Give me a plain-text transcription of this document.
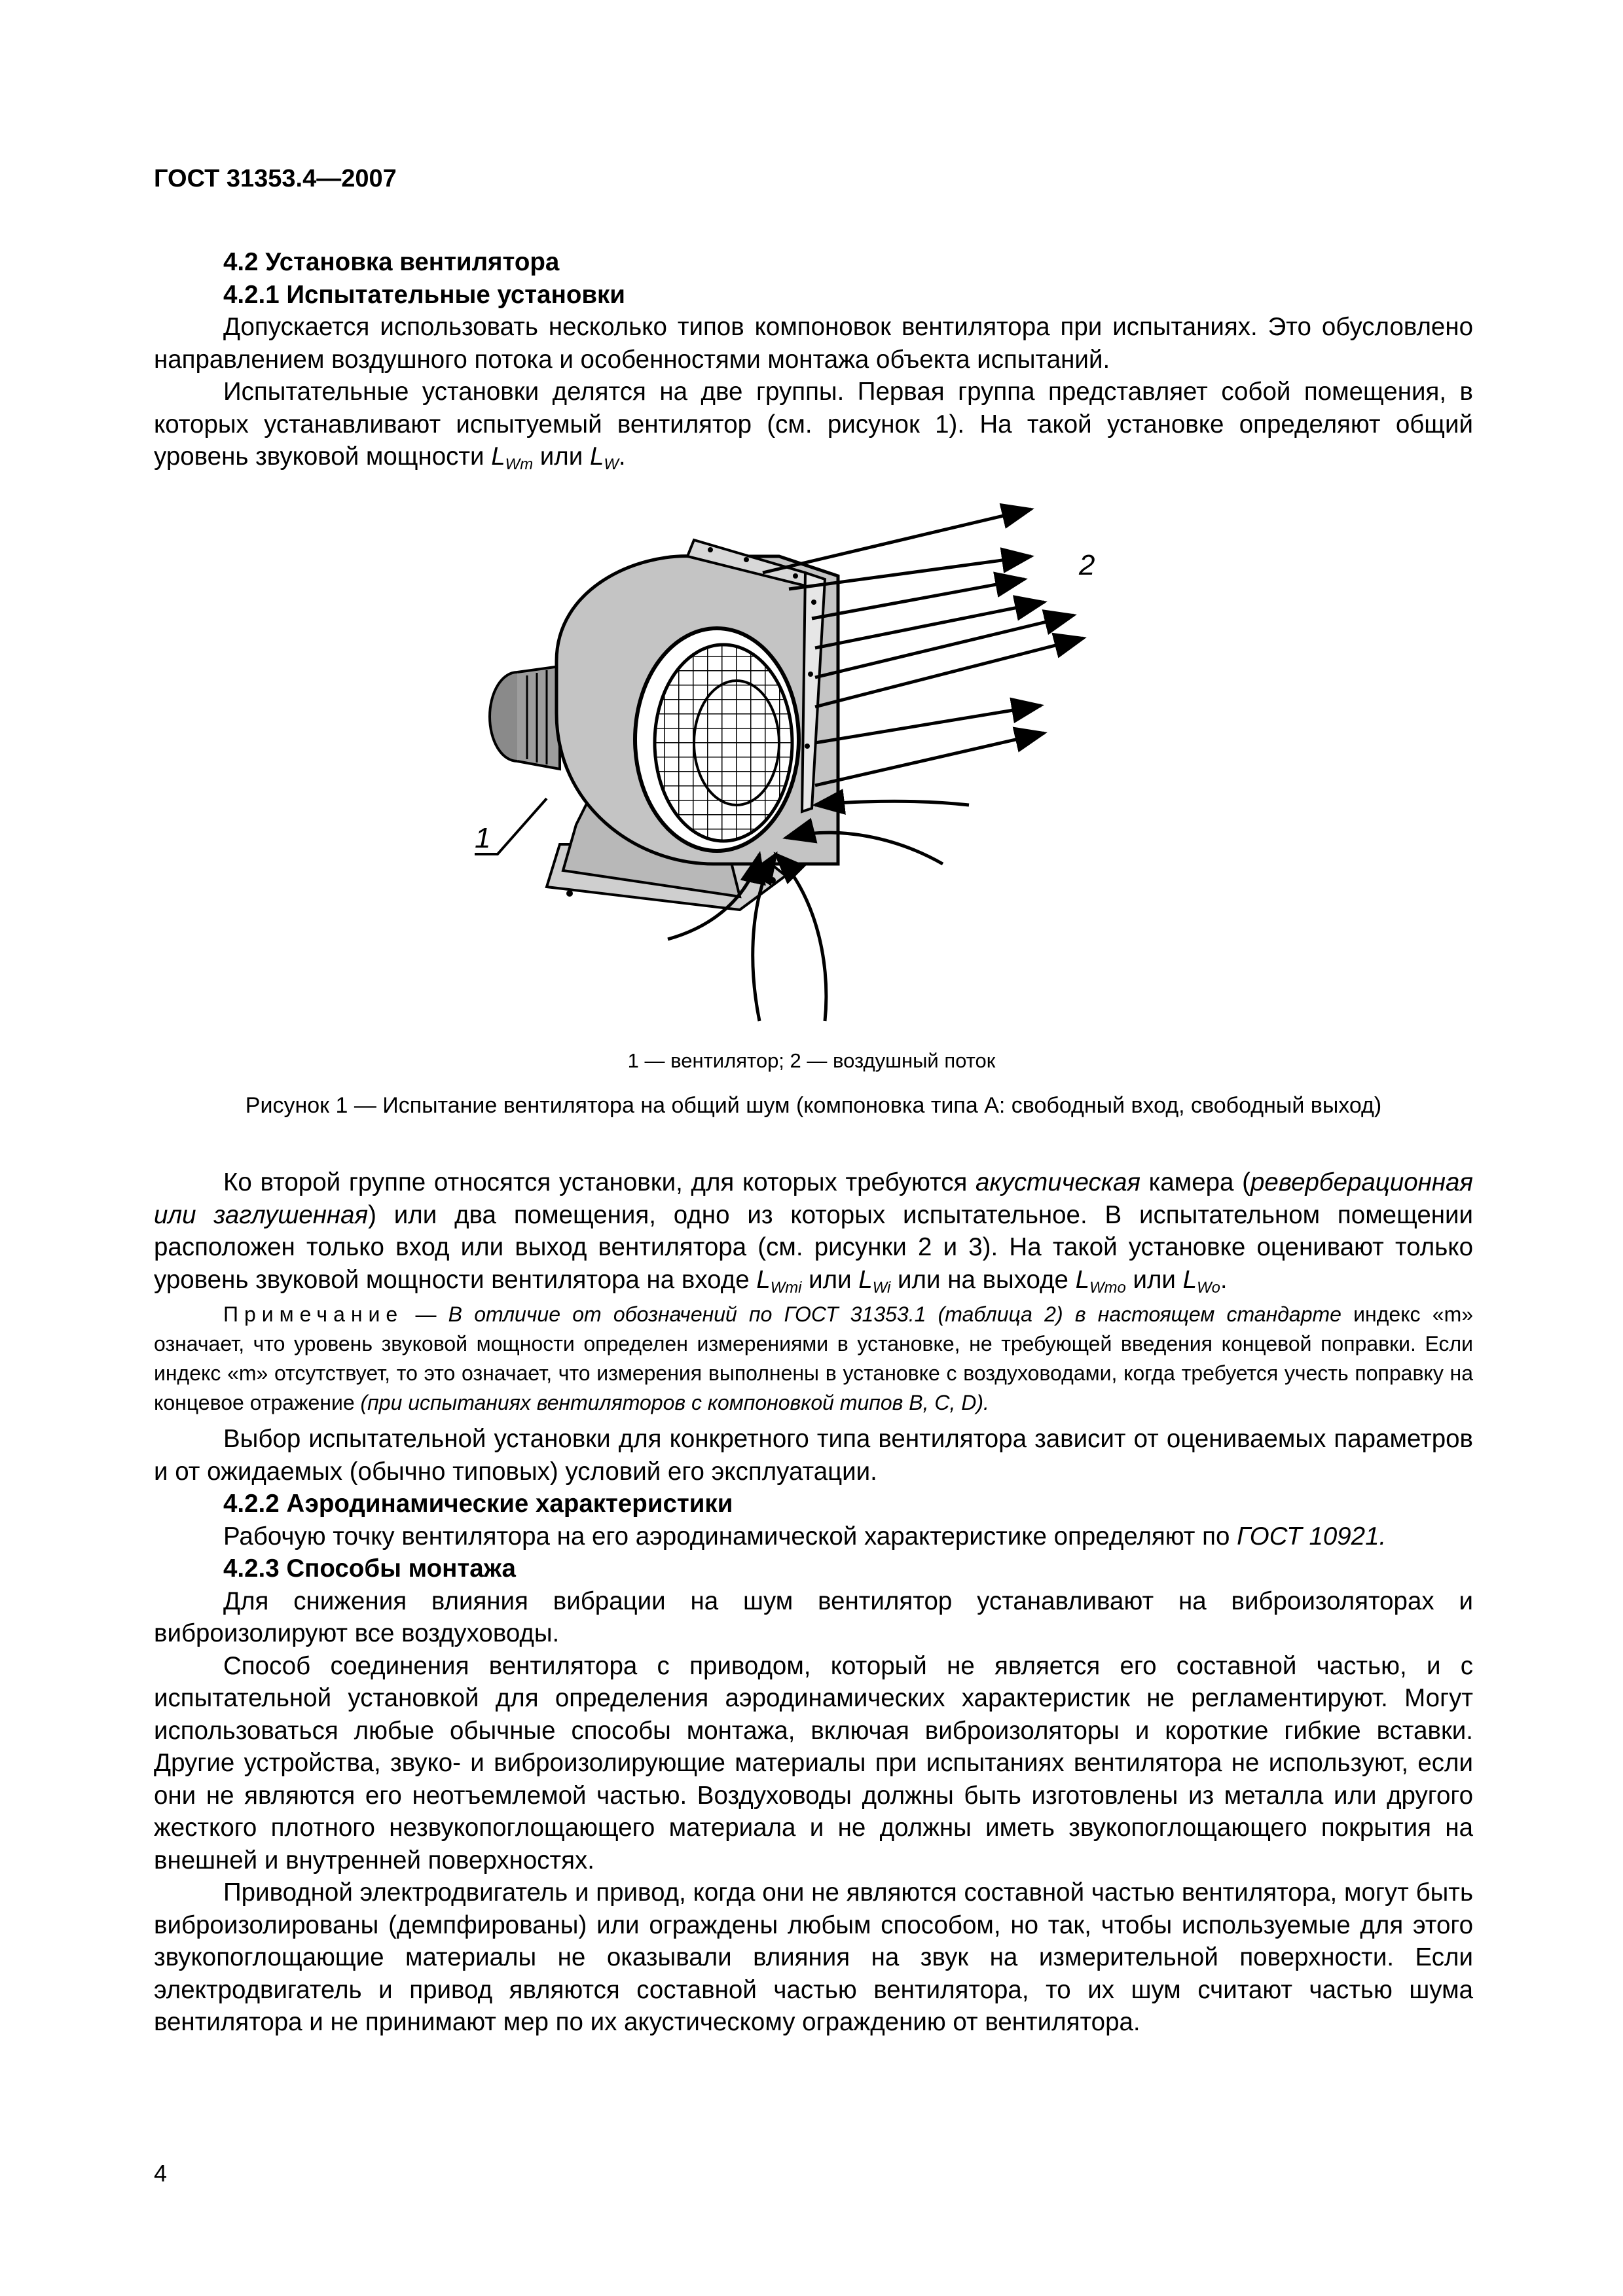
ГОСТ 31353.4—2007
4.2 Установка вентилятора
4.2.1 Испытательные установки

Допускается использовать несколько типов компоновок вентилятора при испытаниях. Это обусловлено направлением воздушного потока и особенностями монтажа объекта испытаний.

Испытательные установки делятся на две группы. Первая группа представляет собой помещения, в которых устанавливают испытуемый вентилятор (см. рисунок 1). На такой установке определяют общий уровень звуковой мощности $L_{Wm}$ или $L_W$.

1
2
1 — вентилятор; 2 — воздушный поток
Рисунок 1 — Испытание вентилятора на общий шум (компоновка типа А: свободный вход, свободный выход)

Ко второй группе относятся установки, для которых требуются акустическая камера (реверберационная или заглушенная) или два помещения, одно из которых испытательное. В испытательном помещении расположен только вход или выход вентилятора (см. рисунки 2 и 3). На такой установке оценивают только уровень звуковой мощности вентилятора на входе $L_{Wmi}$ или $L_{Wi}$ или на выходе $L_{Wmo}$ или $L_{Wo}$.

Примечание — В отличие от обозначений по ГОСТ 31353.1 (таблица 2) в настоящем стандарте индекс «m» означает, что уровень звуковой мощности определен измерениями в установке, не требующей введения концевой поправки. Если индекс «m» отсутствует, то это означает, что измерения выполнены в установке с воздуховодами, когда требуется учесть поправку на концевое отражение (при испытаниях вентиляторов с компоновкой типов B, C, D).

Выбор испытательной установки для конкретного типа вентилятора зависит от оцениваемых параметров и от ожидаемых (обычно типовых) условий его эксплуатации.

4.2.2 Аэродинамические характеристики

Рабочую точку вентилятора на его аэродинамической характеристике определяют по ГОСТ 10921.

4.2.3 Способы монтажа

Для снижения влияния вибрации на шум вентилятор устанавливают на виброизоляторах и виброизолируют все воздуховоды.

Способ соединения вентилятора с приводом, который не является его составной частью, и с испытательной установкой для определения аэродинамических характеристик не регламентируют. Могут использоваться любые обычные способы монтажа, включая виброизоляторы и короткие гибкие вставки. Другие устройства, звуко- и виброизолирующие материалы при испытаниях вентилятора не используют, если они не являются его неотъемлемой частью. Воздуховоды должны быть изготовлены из металла или другого жесткого плотного незвукопоглощающего материала и не должны иметь звукопоглощающего покрытия на внешней и внутренней поверхностях.

Приводной электродвигатель и привод, когда они не являются составной частью вентилятора, могут быть виброизолированы (демпфированы) или ограждены любым способом, но так, чтобы используемые для этого звукопоглощающие материалы не оказывали влияния на звук на измерительной поверхности. Если электродвигатель и привод являются составной частью вентилятора, то их шум считают частью шума вентилятора и не принимают мер по их акустическому ограждению от вентилятора.

4
